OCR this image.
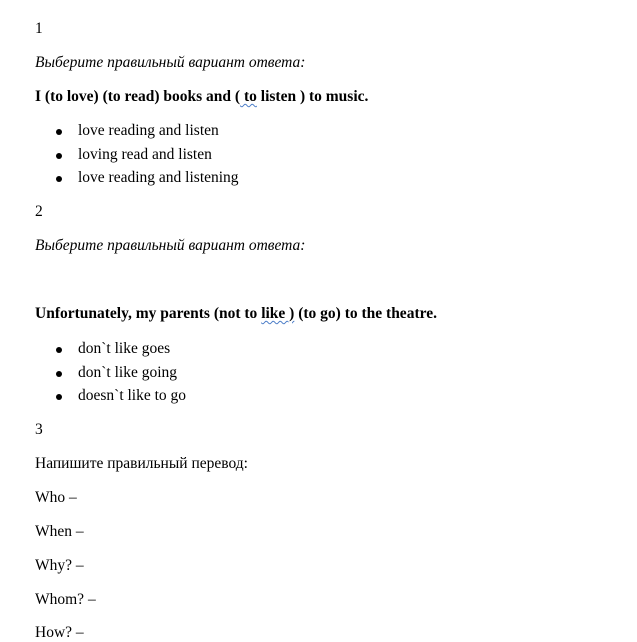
1
Выберите правильный вариант ответа:
I (to love) (to read) books and ( to listen ) to music.
love reading and listen
loving read and listen
love reading and listening
2
Выберите правильный вариант ответа:
Unfortunately, my parents (not to like ) (to go) to the theatre.
don`t like goes
don`t like going
doesn`t like to go
3
Напишите правильный перевод:
Who –
When –
Why? –
Whom? –
How? –
